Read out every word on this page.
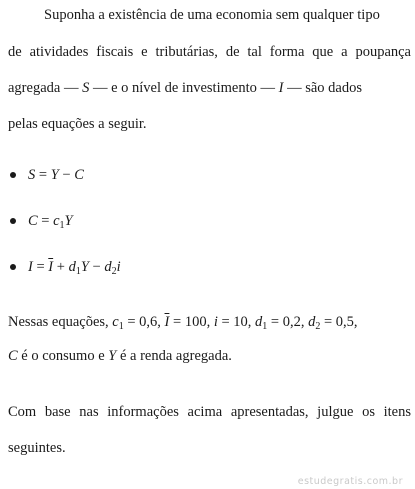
Suponha a existência de uma economia sem qualquer tipo
de atividades fiscais e tributárias, de tal forma que a poupança
agregada — S — e o nível de investimento — I — são dados
pelas equações a seguir.
S = Y − C
$C = c_1Y$
$I = \overline{I} + d_1Y - d_2i$
Nessas equações, $c_1 = 0,6$, $\overline{I} = 100$, i = 10, $d_1 = 0,2$, $d_2 = 0,5$,
C é o consumo e Y é a renda agregada.
Com base nas informações acima apresentadas, julgue os itens
seguintes.
estudegratis.com.br
